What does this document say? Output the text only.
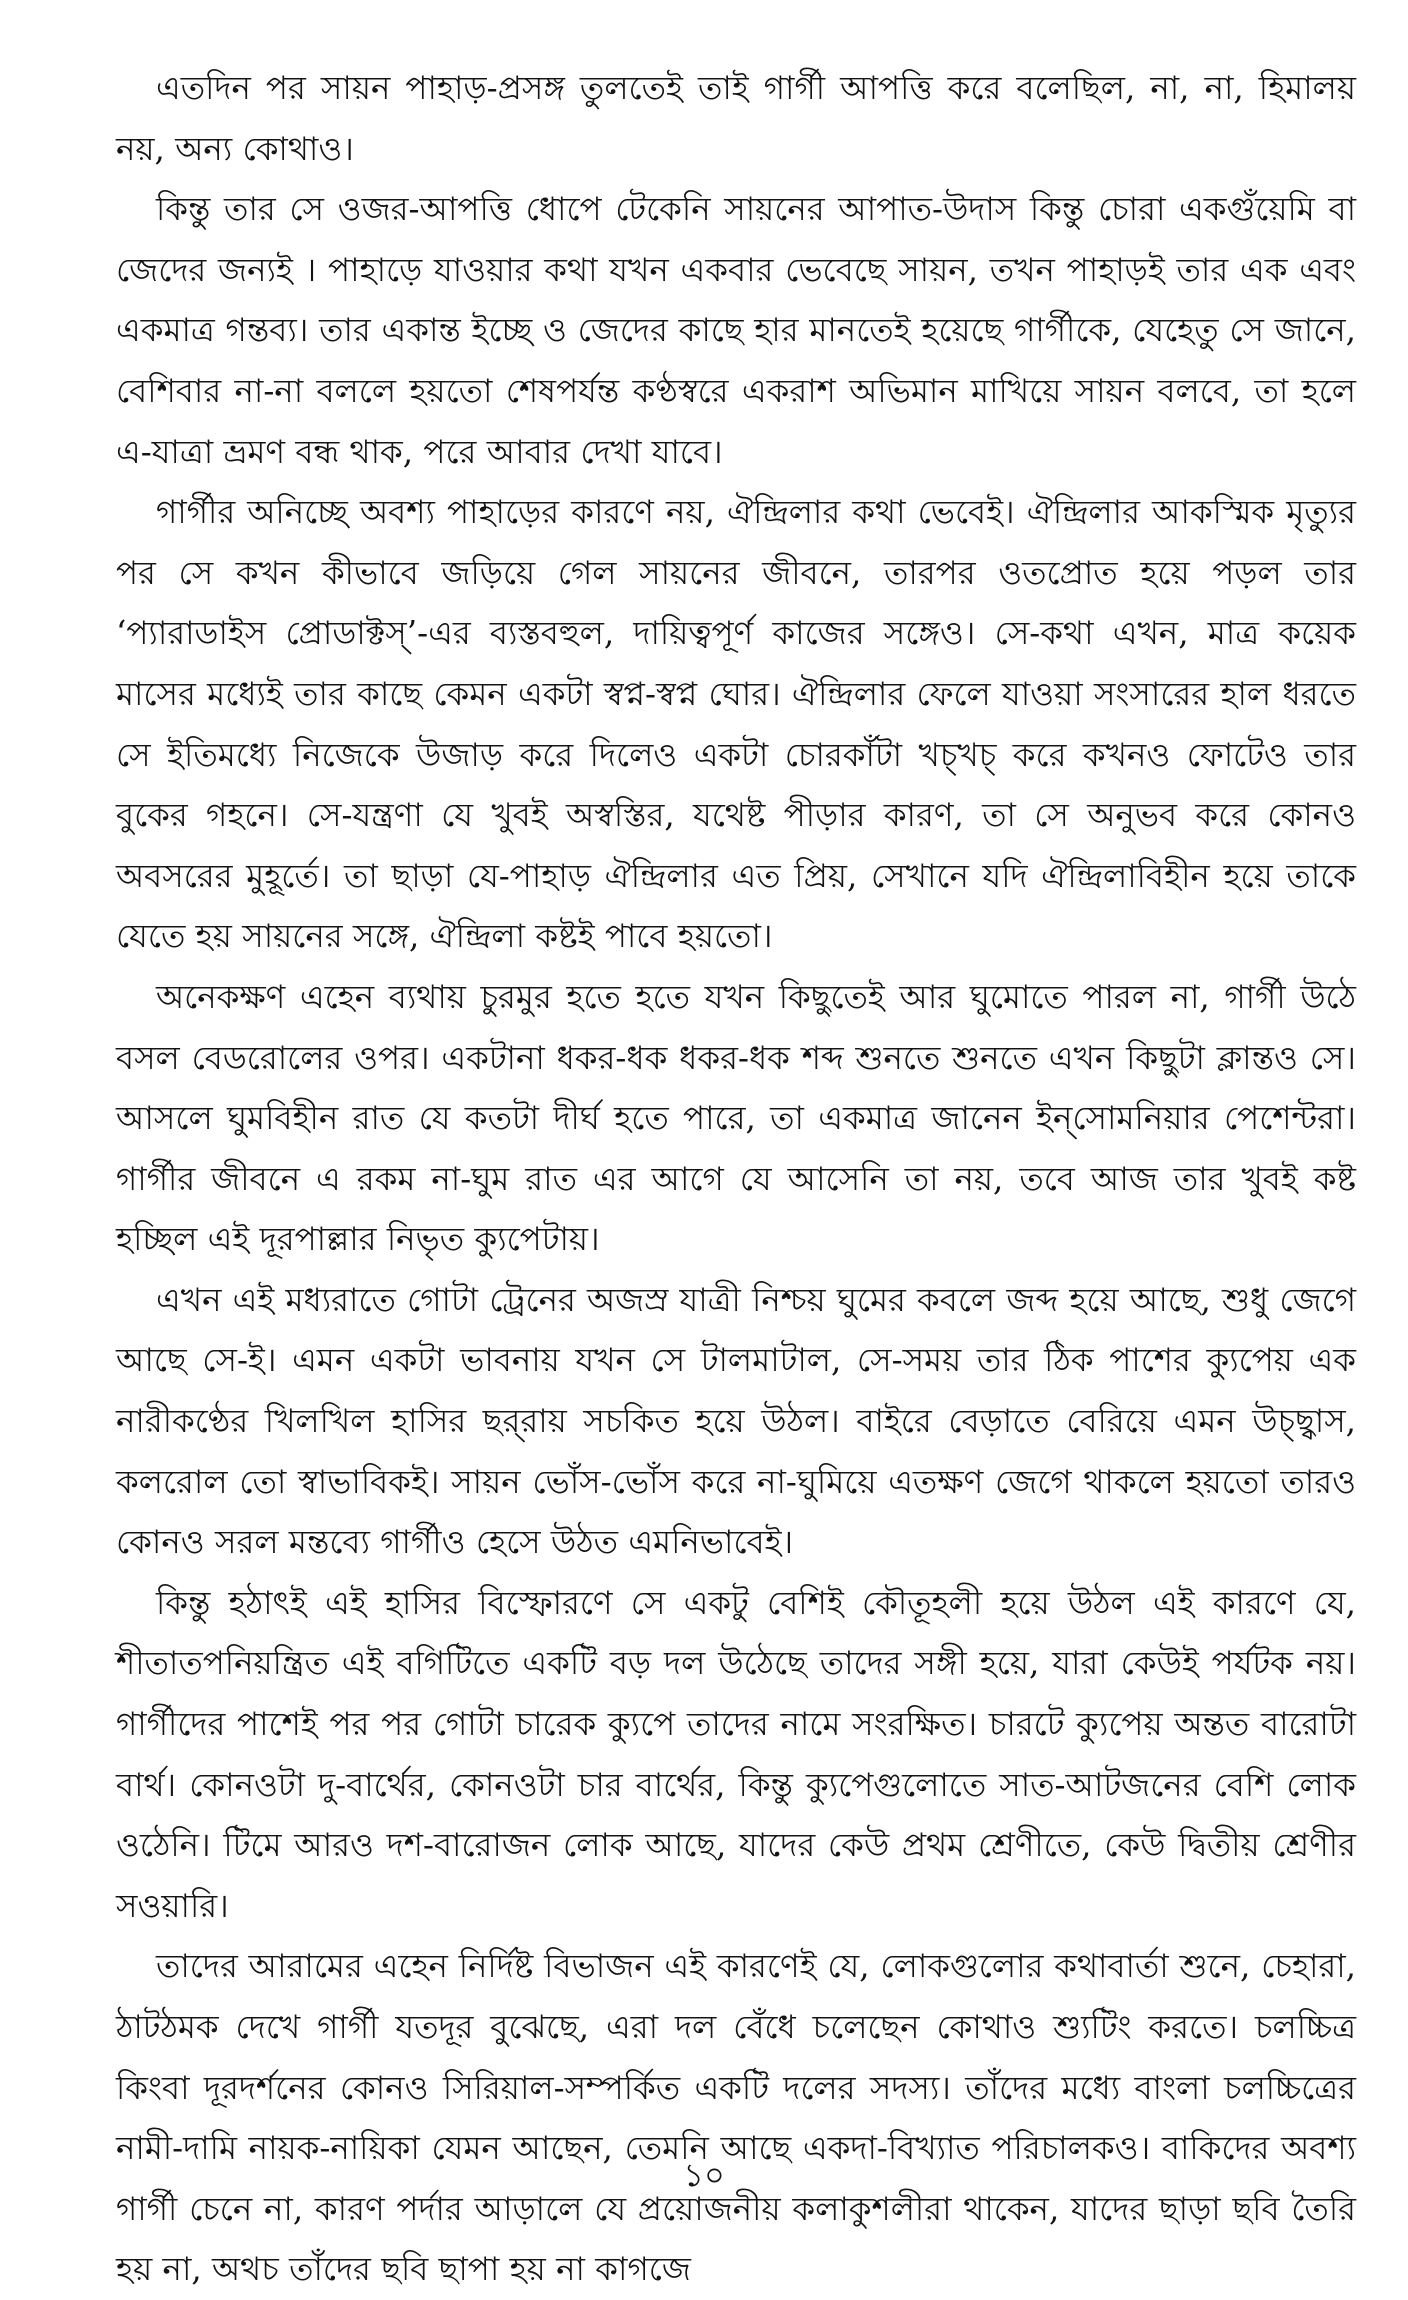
এতদিন পর সায়ন পাহাড়-প্রসঙ্গ তুলতেই তাই গার্গী আপত্তি করে বলেছিল, না, না, হিমালয় নয়, অন্য কোথাও।

কিন্তু তার সে ওজর-আপত্তি ধোপে টেকেনি সায়নের আপাত-উদাস কিন্তু চোরা একগুঁয়েমি বা জেদের জন্যই । পাহাড়ে যাওয়ার কথা যখন একবার ভেবেছে সায়ন, তখন পাহাড়ই তার এক এবং একমাত্র গন্তব্য। তার একান্ত ইচ্ছে ও জেদের কাছে হার মানতেই হয়েছে গার্গীকে, যেহেতু সে জানে, বেশিবার না-না বললে হয়তো শেষপর্যন্ত কণ্ঠস্বরে একরাশ অভিমান মাখিয়ে সায়ন বলবে, তা হলে এ-যাত্রা ভ্রমণ বন্ধ থাক, পরে আবার দেখা যাবে।

গার্গীর অনিচ্ছে অবশ্য পাহাড়ের কারণে নয়, ঐন্দ্রিলার কথা ভেবেই। ঐন্দ্রিলার আকস্মিক মৃত্যুর পর সে কখন কীভাবে জড়িয়ে গেল সায়নের জীবনে, তারপর ওতপ্রোত হয়ে পড়ল তার ‘প্যারাডাইস প্রোডাক্টস্’-এর ব্যস্তবহুল, দায়িত্বপূর্ণ কাজের সঙ্গেও। সে-কথা এখন, মাত্র কয়েক মাসের মধ্যেই তার কাছে কেমন একটা স্বপ্ন-স্বপ্ন ঘোর। ঐন্দ্রিলার ফেলে যাওয়া সংসারের হাল ধরতে সে ইতিমধ্যে নিজেকে উজাড় করে দিলেও একটা চোরকাঁটা খচ্‌খচ্‌ করে কখনও ফোটেও তার বুকের গহনে। সে-যন্ত্রণা যে খুবই অস্বস্তির, যথেষ্ট পীড়ার কারণ, তা সে অনুভব করে কোনও অবসরের মুহূর্তে। তা ছাড়া যে-পাহাড় ঐন্দ্রিলার এত প্রিয়, সেখানে যদি ঐন্দ্রিলাবিহীন হয়ে তাকে যেতে হয় সায়নের সঙ্গে, ঐন্দ্রিলা কষ্টই পাবে হয়তো।

অনেকক্ষণ এহেন ব্যথায় চুরমুর হতে হতে যখন কিছুতেই আর ঘুমোতে পারল না, গার্গী উঠে বসল বেডরোলের ওপর। একটানা ধকর-ধক ধকর-ধক শব্দ শুনতে শুনতে এখন কিছুটা ক্লান্তও সে। আসলে ঘুমবিহীন রাত যে কতটা দীর্ঘ হতে পারে, তা একমাত্র জানেন ইন্‌সোমনিয়ার পেশেন্টরা। গার্গীর জীবনে এ রকম না-ঘুম রাত এর আগে যে আসেনি তা নয়, তবে আজ তার খুবই কষ্ট হচ্ছিল এই দূরপাল্লার নিভৃত ক্যুপেটায়।

এখন এই মধ্যরাতে গোটা ট্রেনের অজস্র যাত্রী নিশ্চয় ঘুমের কবলে জব্দ হয়ে আছে, শুধু জেগে আছে সে-ই। এমন একটা ভাবনায় যখন সে টালমাটাল, সে-সময় তার ঠিক পাশের ক্যুপেয় এক নারীকণ্ঠের খিলখিল হাসির ছর্‌রায় সচকিত হয়ে উঠল। বাইরে বেড়াতে বেরিয়ে এমন উচ্ছ্বাস, কলরোল তো স্বাভাবিকই। সায়ন ভোঁস-ভোঁস করে না-ঘুমিয়ে এতক্ষণ জেগে থাকলে হয়তো তারও কোনও সরল মন্তব্যে গার্গীও হেসে উঠত এমনিভাবেই।

কিন্তু হঠাৎই এই হাসির বিস্ফোরণে সে একটু বেশিই কৌতূহলী হয়ে উঠল এই কারণে যে, শীতাতপনিয়ন্ত্রিত এই বগিটিতে একটি বড় দল উঠেছে তাদের সঙ্গী হয়ে, যারা কেউই পর্যটক নয়। গার্গীদের পাশেই পর পর গোটা চারেক ক্যুপে তাদের নামে সংরক্ষিত। চারটে ক্যুপেয় অন্তত বারোটা বার্থ। কোনওটা দু-বার্থের, কোনওটা চার বার্থের, কিন্তু ক্যুপেগুলোতে সাত-আটজনের বেশি লোক ওঠেনি। টিমে আরও দশ-বারোজন লোক আছে, যাদের কেউ প্রথম শ্রেণীতে, কেউ দ্বিতীয় শ্রেণীর সওয়ারি।

তাদের আরামের এহেন নির্দিষ্ট বিভাজন এই কারণেই যে, লোকগুলোর কথাবার্তা শুনে, চেহারা, ঠাটঠমক দেখে গার্গী যতদূর বুঝেছে, এরা দল বেঁধে চলেছেন কোথাও শ্যুটিং করতে। চলচ্চিত্র কিংবা দূরদর্শনের কোনও সিরিয়াল-সম্পর্কিত একটি দলের সদস্য। তাঁদের মধ্যে বাংলা চলচ্চিত্রের নামী-দামি নায়ক-নায়িকা যেমন আছেন, তেমনি আছে একদা-বিখ্যাত পরিচালকও। বাকিদের অবশ্য গার্গী চেনে না, কারণ পর্দার আড়ালে যে প্রয়োজনীয় কলাকুশলীরা থাকেন, যাদের ছাড়া ছবি তৈরি হয় না, অথচ তাঁদের ছবি ছাপা হয় না কাগজে

১০
